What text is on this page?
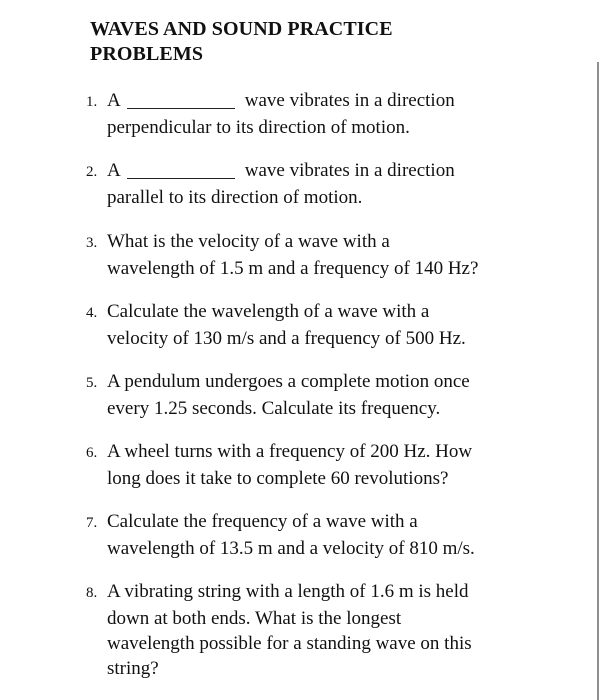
WAVES AND SOUND PRACTICE
PROBLEMS
1. A	wave vibrates in a direction
perpendicular to its direction of motion.
2. A	wave vibrates in a direction
parallel to its direction of motion.
3. What is the velocity of a wave with a
wavelength of 1.5 m and a frequency of 140 Hz?
4. Calculate the wavelength of a wave with a
velocity of 130 m/s and a frequency of 500 Hz.
5. A pendulum undergoes a complete motion once
every 1.25 seconds. Calculate its frequency.
6. A wheel turns with a frequency of 200 Hz. How
long does it take to complete 60 revolutions?
7. Calculate the frequency of a wave with a
wavelength of 13.5 m and a velocity of 810 m/s.
8. A vibrating string with a length of 1.6 m is held
down at both ends. What is the longest
wavelength possible for a standing wave on this
string?
